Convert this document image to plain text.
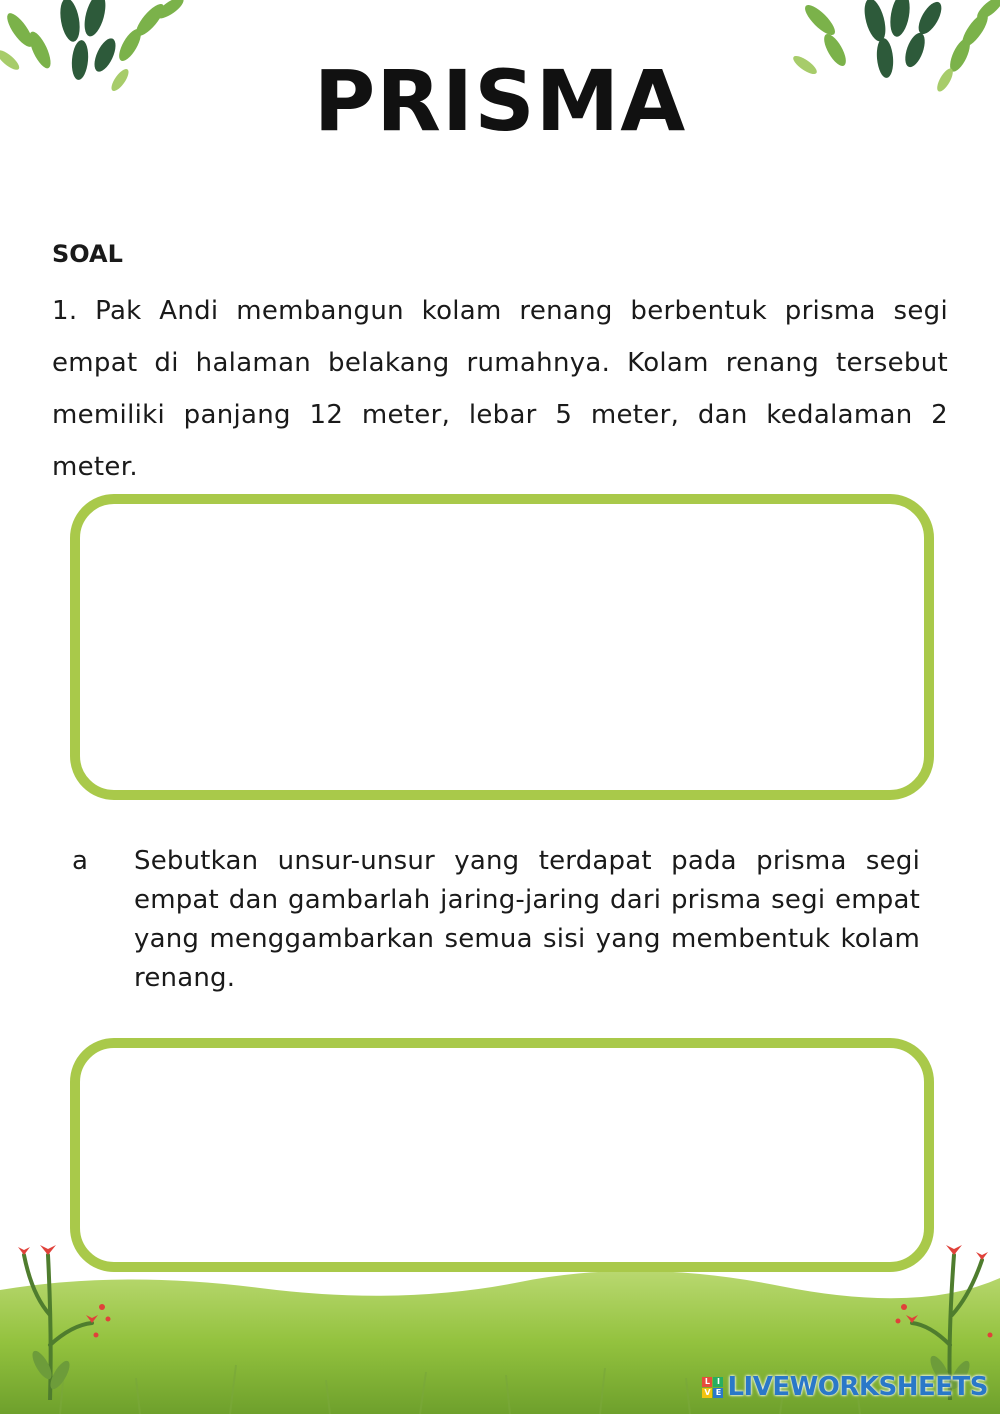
PRISMA
SOAL

1. Pak Andi membangun kolam renang berbentuk prisma segi empat di halaman belakang rumahnya. Kolam renang tersebut memiliki panjang 12 meter, lebar 5 meter, dan kedalaman 2 meter.

a	Sebutkan unsur-unsur yang terdapat pada prisma segi empat dan gambarlah jaring-jaring dari prisma segi empat yang menggambarkan semua sisi yang membentuk kolam renang.
L I
V E LIVEWORKSHEETS
